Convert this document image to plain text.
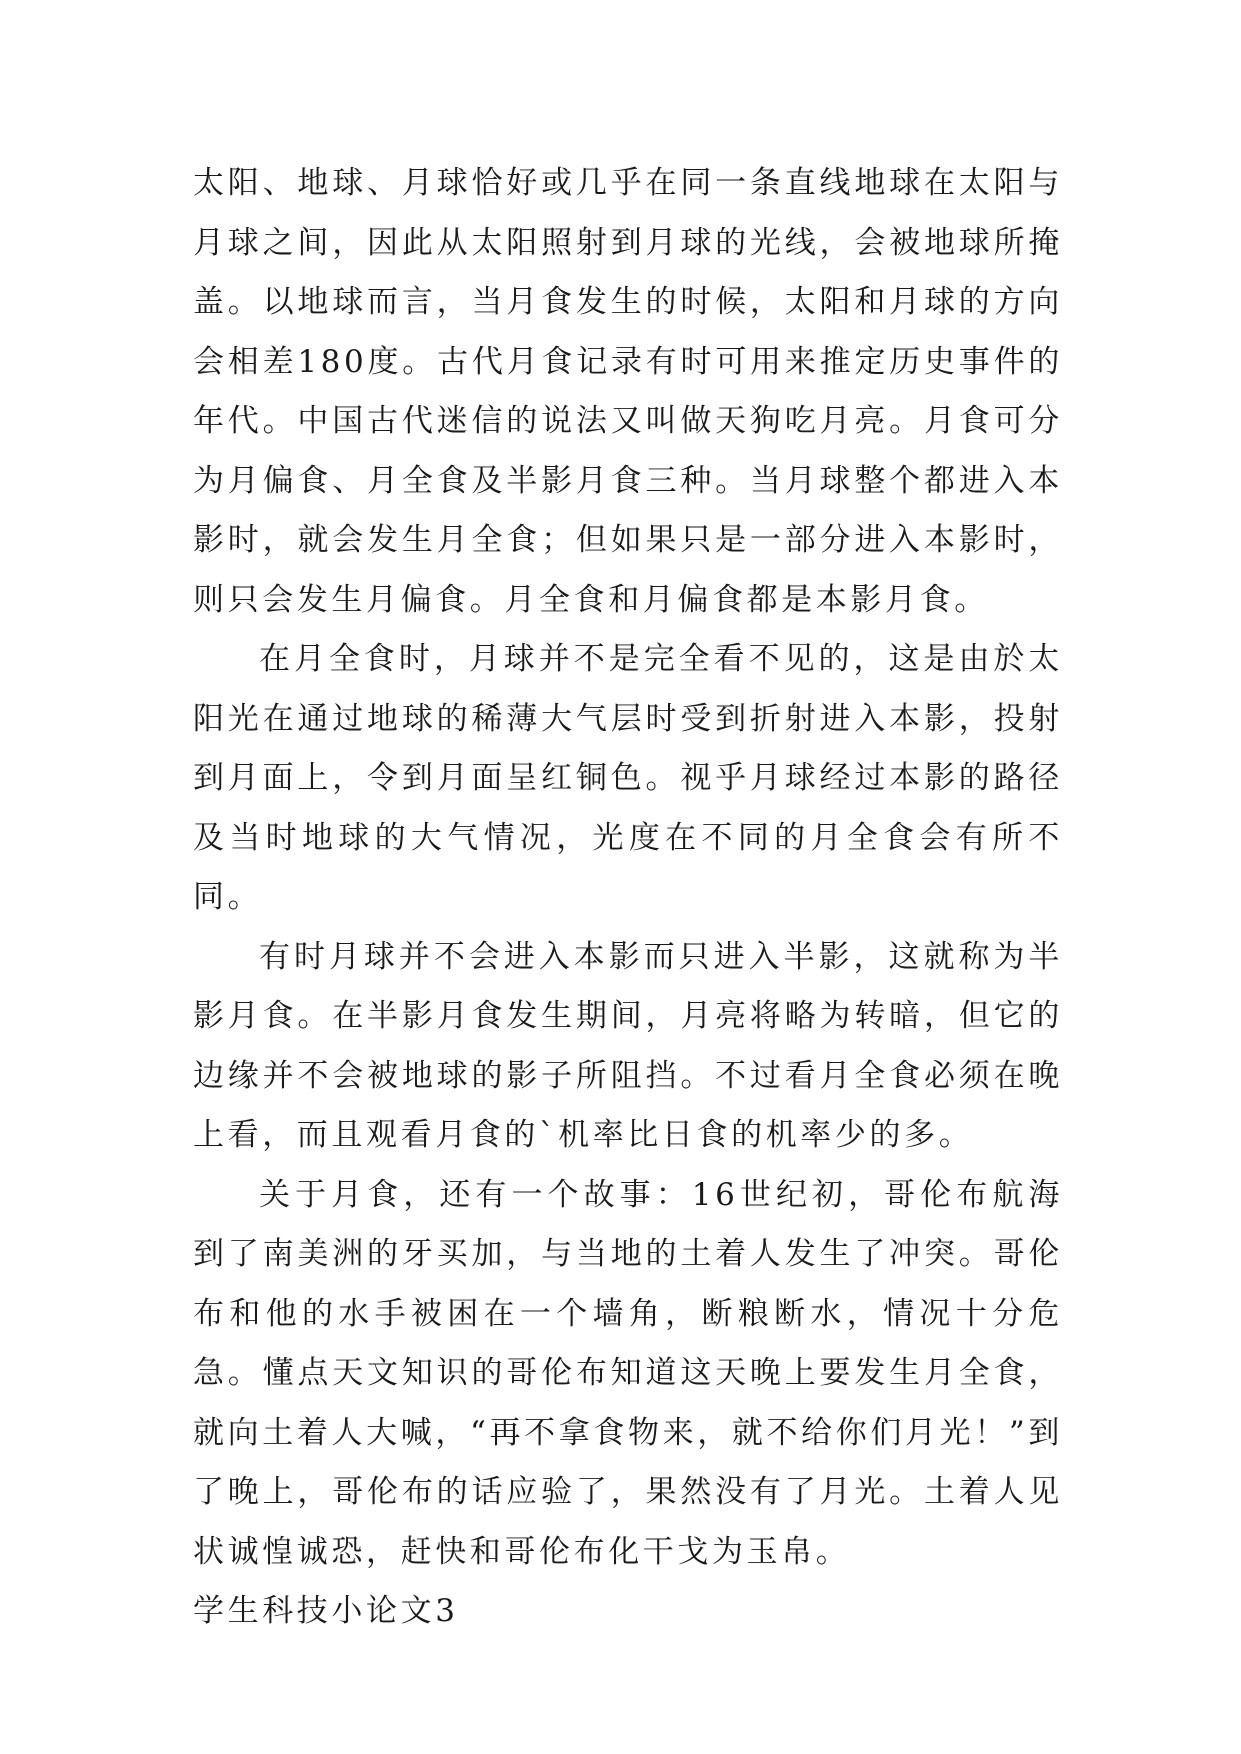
太阳、地球、月球恰好或几乎在同一条直线地球在太阳与月球之间，因此从太阳照射到月球的光线，会被地球所掩盖。以地球而言，当月食发生的时候，太阳和月球的方向会相差180度。古代月食记录有时可用来推定历史事件的年代。中国古代迷信的说法又叫做天狗吃月亮。月食可分为月偏食、月全食及半影月食三种。当月球整个都进入本影时，就会发生月全食；但如果只是一部分进入本影时，则只会发生月偏食。月全食和月偏食都是本影月食。

在月全食时，月球并不是完全看不见的，这是由於太阳光在通过地球的稀薄大气层时受到折射进入本影，投射到月面上，令到月面呈红铜色。视乎月球经过本影的路径及当时地球的大气情况，光度在不同的月全食会有所不同。

有时月球并不会进入本影而只进入半影，这就称为半影月食。在半影月食发生期间，月亮将略为转暗，但它的边缘并不会被地球的影子所阻挡。不过看月全食必须在晚上看，而且观看月食的`机率比日食的机率少的多。

关于月食，还有一个故事：16世纪初，哥伦布航海到了南美洲的牙买加，与当地的土着人发生了冲突。哥伦布和他的水手被困在一个墙角，断粮断水，情况十分危急。懂点天文知识的哥伦布知道这天晚上要发生月全食，就向土着人大喊，“再不拿食物来，就不给你们月光！”到了晚上，哥伦布的话应验了，果然没有了月光。土着人见状诚惶诚恐，赶快和哥伦布化干戈为玉帛。

学生科技小论文3
